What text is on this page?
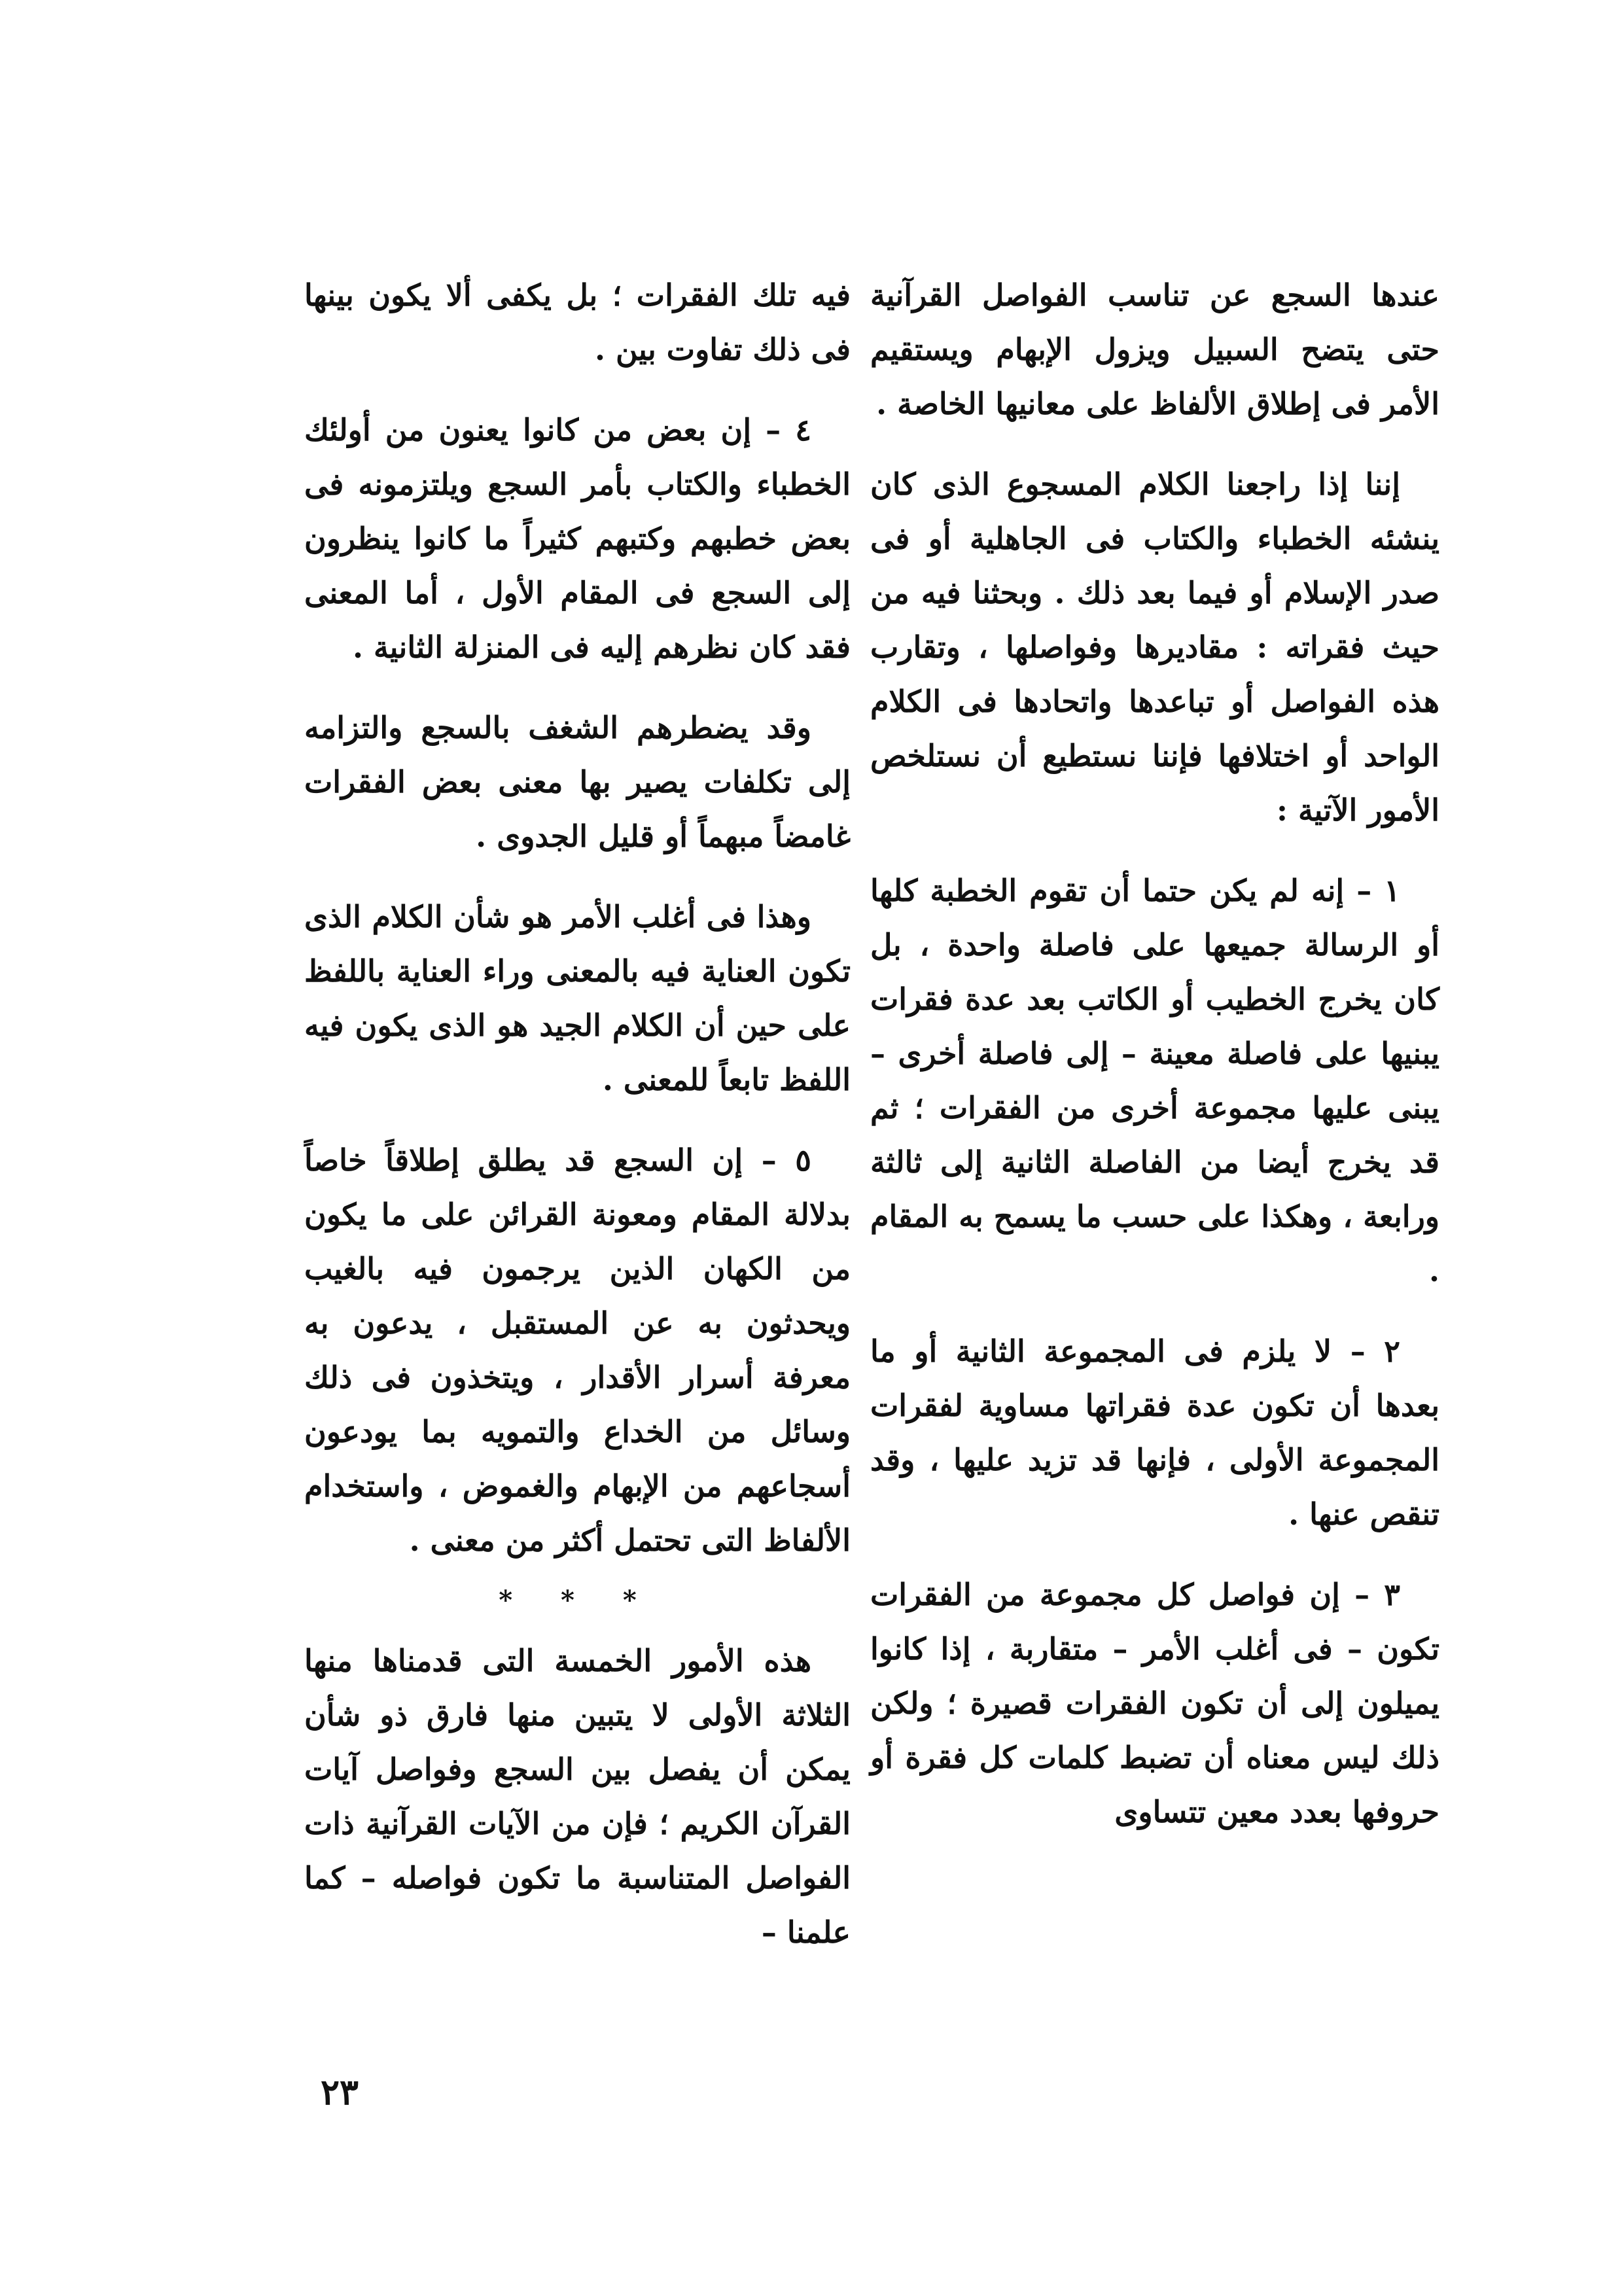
عندها السجع عن تناسب الفواصل القرآنية حتى يتضح السبيل ويزول الإبهام ويستقيم الأمر فى إطلاق الألفاظ على معانيها الخاصة .

إننا إذا راجعنا الكلام المسجوع الذى كان ينشئه الخطباء والكتاب فى الجاهلية أو فى صدر الإسلام أو فيما بعد ذلك . وبحثنا فيه من حيث فقراته : مقاديرها وفواصلها ، وتقارب هذه الفواصل أو تباعدها واتحادها فى الكلام الواحد أو اختلافها فإننا نستطيع أن نستلخص الأمور الآتية :

١ – إنه لم يكن حتما أن تقوم الخطبة كلها أو الرسالة جميعها على فاصلة واحدة ، بل كان يخرج الخطيب أو الكاتب بعد عدة فقرات يبنيها على فاصلة معينة – إلى فاصلة أخرى – يبنى عليها مجموعة أخرى من الفقرات ؛ ثم قد يخرج أيضا من الفاصلة الثانية إلى ثالثة ورابعة ، وهكذا على حسب ما يسمح به المقام .

٢ – لا يلزم فى المجموعة الثانية أو ما بعدها أن تكون عدة فقراتها مساوية لفقرات المجموعة الأولى ، فإنها قد تزيد عليها ، وقد تنقص عنها .

٣ – إن فواصل كل مجموعة من الفقرات تكون – فى أغلب الأمر – متقاربة ، إذا كانوا يميلون إلى أن تكون الفقرات قصيرة ؛ ولكن ذلك ليس معناه أن تضبط كلمات كل فقرة أو حروفها بعدد معين تتساوى

فيه تلك الفقرات ؛ بل يكفى ألا يكون بينها فى ذلك تفاوت بين .

٤ – إن بعض من كانوا يعنون من أولئك الخطباء والكتاب بأمر السجع ويلتزمونه فى بعض خطبهم وكتبهم كثيراً ما كانوا ينظرون إلى السجع فى المقام الأول ، أما المعنى فقد كان نظرهم إليه فى المنزلة الثانية .

وقد يضطرهم الشغف بالسجع والتزامه إلى تكلفات يصير بها معنى بعض الفقرات غامضاً مبهماً أو قليل الجدوى .

وهذا فى أغلب الأمر هو شأن الكلام الذى تكون العناية فيه بالمعنى وراء العناية باللفظ على حين أن الكلام الجيد هو الذى يكون فيه اللفظ تابعاً للمعنى .

٥ – إن السجع قد يطلق إطلاقاً خاصاً بدلالة المقام ومعونة القرائن على ما يكون من الكهان الذين يرجمون فيه بالغيب ويحدثون به عن المستقبل ، يدعون به معرفة أسرار الأقدار ، ويتخذون فى ذلك وسائل من الخداع والتمويه بما يودعون أسجاعهم من الإبهام والغموض ، واستخدام الألفاظ التى تحتمل أكثر من معنى .

* * *

هذه الأمور الخمسة التى قدمناها منها الثلاثة الأولى لا يتبين منها فارق ذو شأن يمكن أن يفصل بين السجع وفواصل آيات القرآن الكريم ؛ فإن من الآيات القرآنية ذات الفواصل المتناسبة ما تكون فواصله – كما علمنا –

٢٣
